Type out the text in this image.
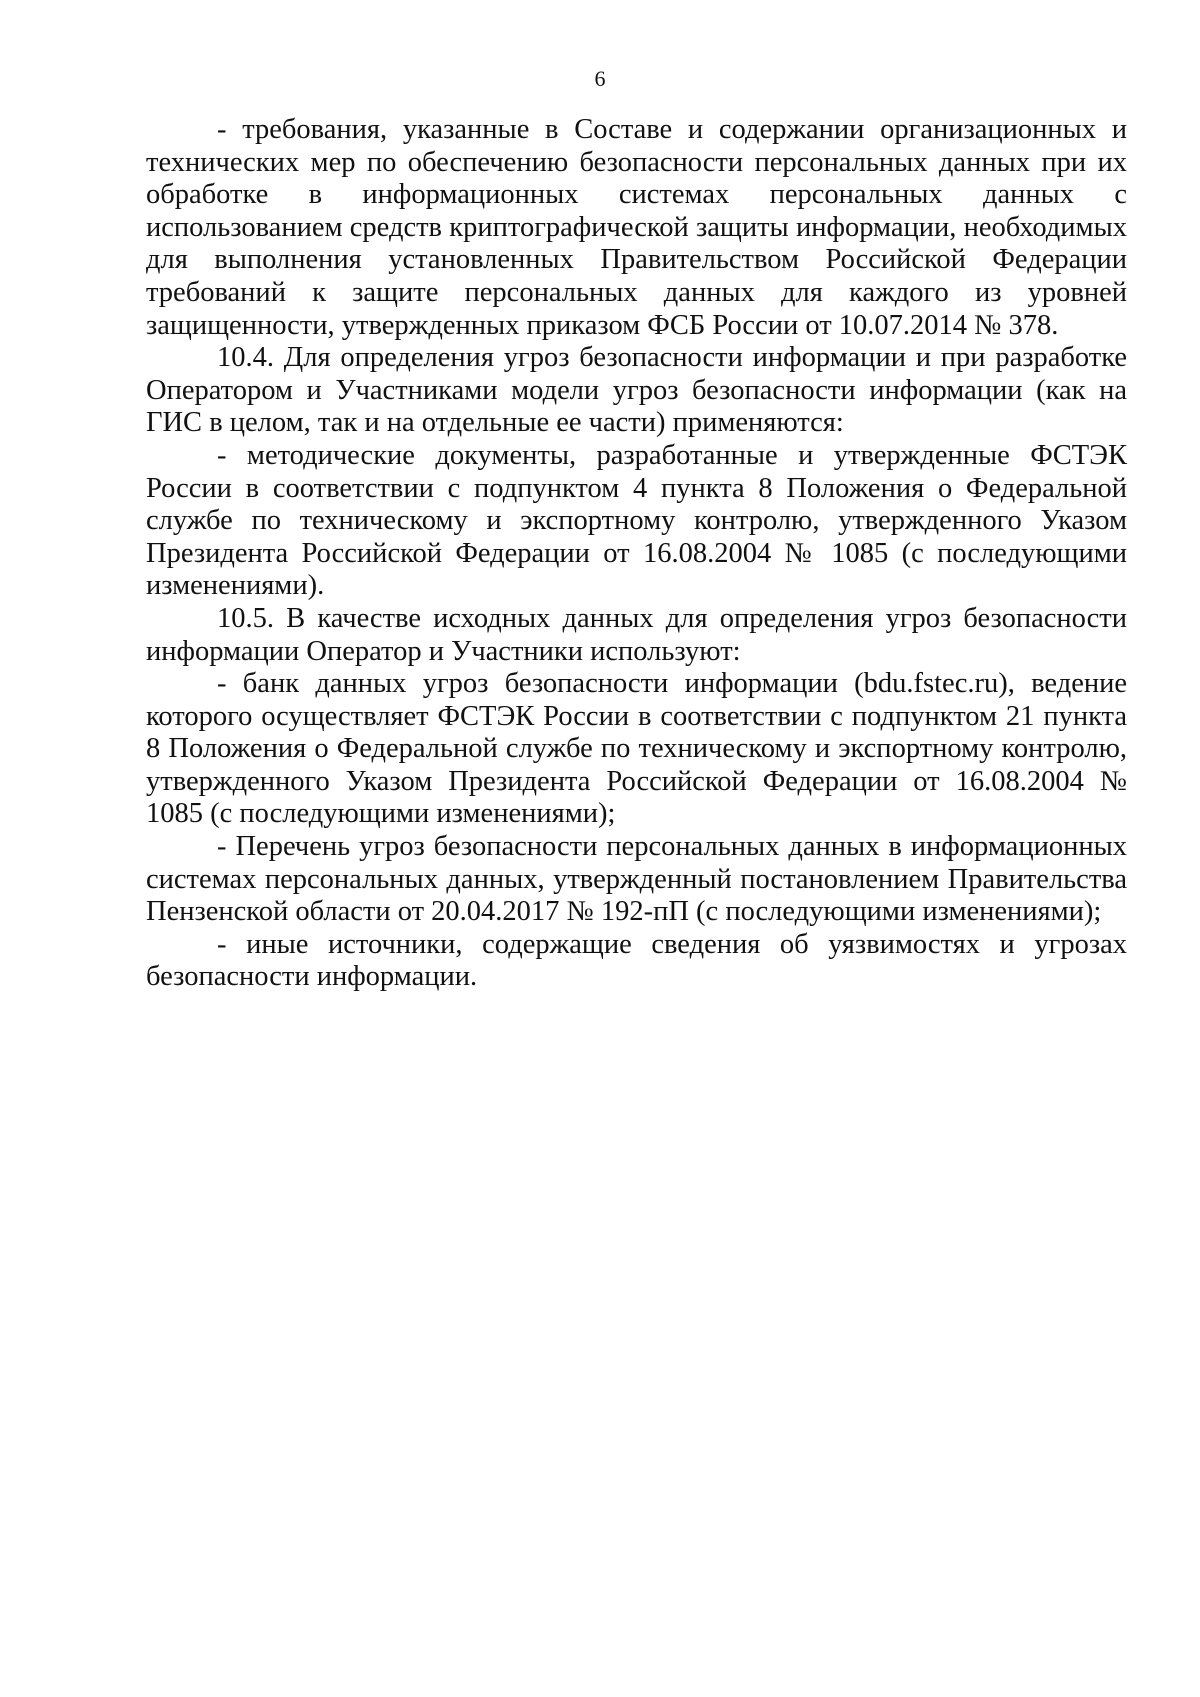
6

- требования, указанные в Составе и содержании организационных и технических мер по обеспечению безопасности персональных данных при их обработке в информационных системах персональных данных с использованием средств криптографической защиты информации, необходимых для выполнения установленных Правительством Российской Федерации требований к защите персональных данных для каждого из уровней защищенности, утвержденных приказом ФСБ России от 10.07.2014 № 378.

10.4. Для определения угроз безопасности информации и при разработке Оператором и Участниками модели угроз безопасности информации (как на ГИС в целом, так и на отдельные ее части) применяются:

- методические документы, разработанные и утвержденные ФСТЭК России в соответствии с подпунктом 4 пункта 8 Положения о Федеральной службе по техническому и экспортному контролю, утвержденного Указом Президента Российской Федерации от 16.08.2004 № 1085 (с последующими изменениями).

10.5. В качестве исходных данных для определения угроз безопасности информации Оператор и Участники используют:

- банк данных угроз безопасности информации (bdu.fstec.ru), ведение которого осуществляет ФСТЭК России в соответствии с подпунктом 21 пункта 8 Положения о Федеральной службе по техническому и экспортному контролю, утвержденного Указом Президента Российской Федерации от 16.08.2004 № 1085 (с последующими изменениями);

- Перечень угроз безопасности персональных данных в информационных системах персональных данных, утвержденный постановлением Правительства Пензенской области от 20.04.2017 № 192-пП (с последующими изменениями);

- иные источники, содержащие сведения об уязвимостях и угрозах безопасности информации.
